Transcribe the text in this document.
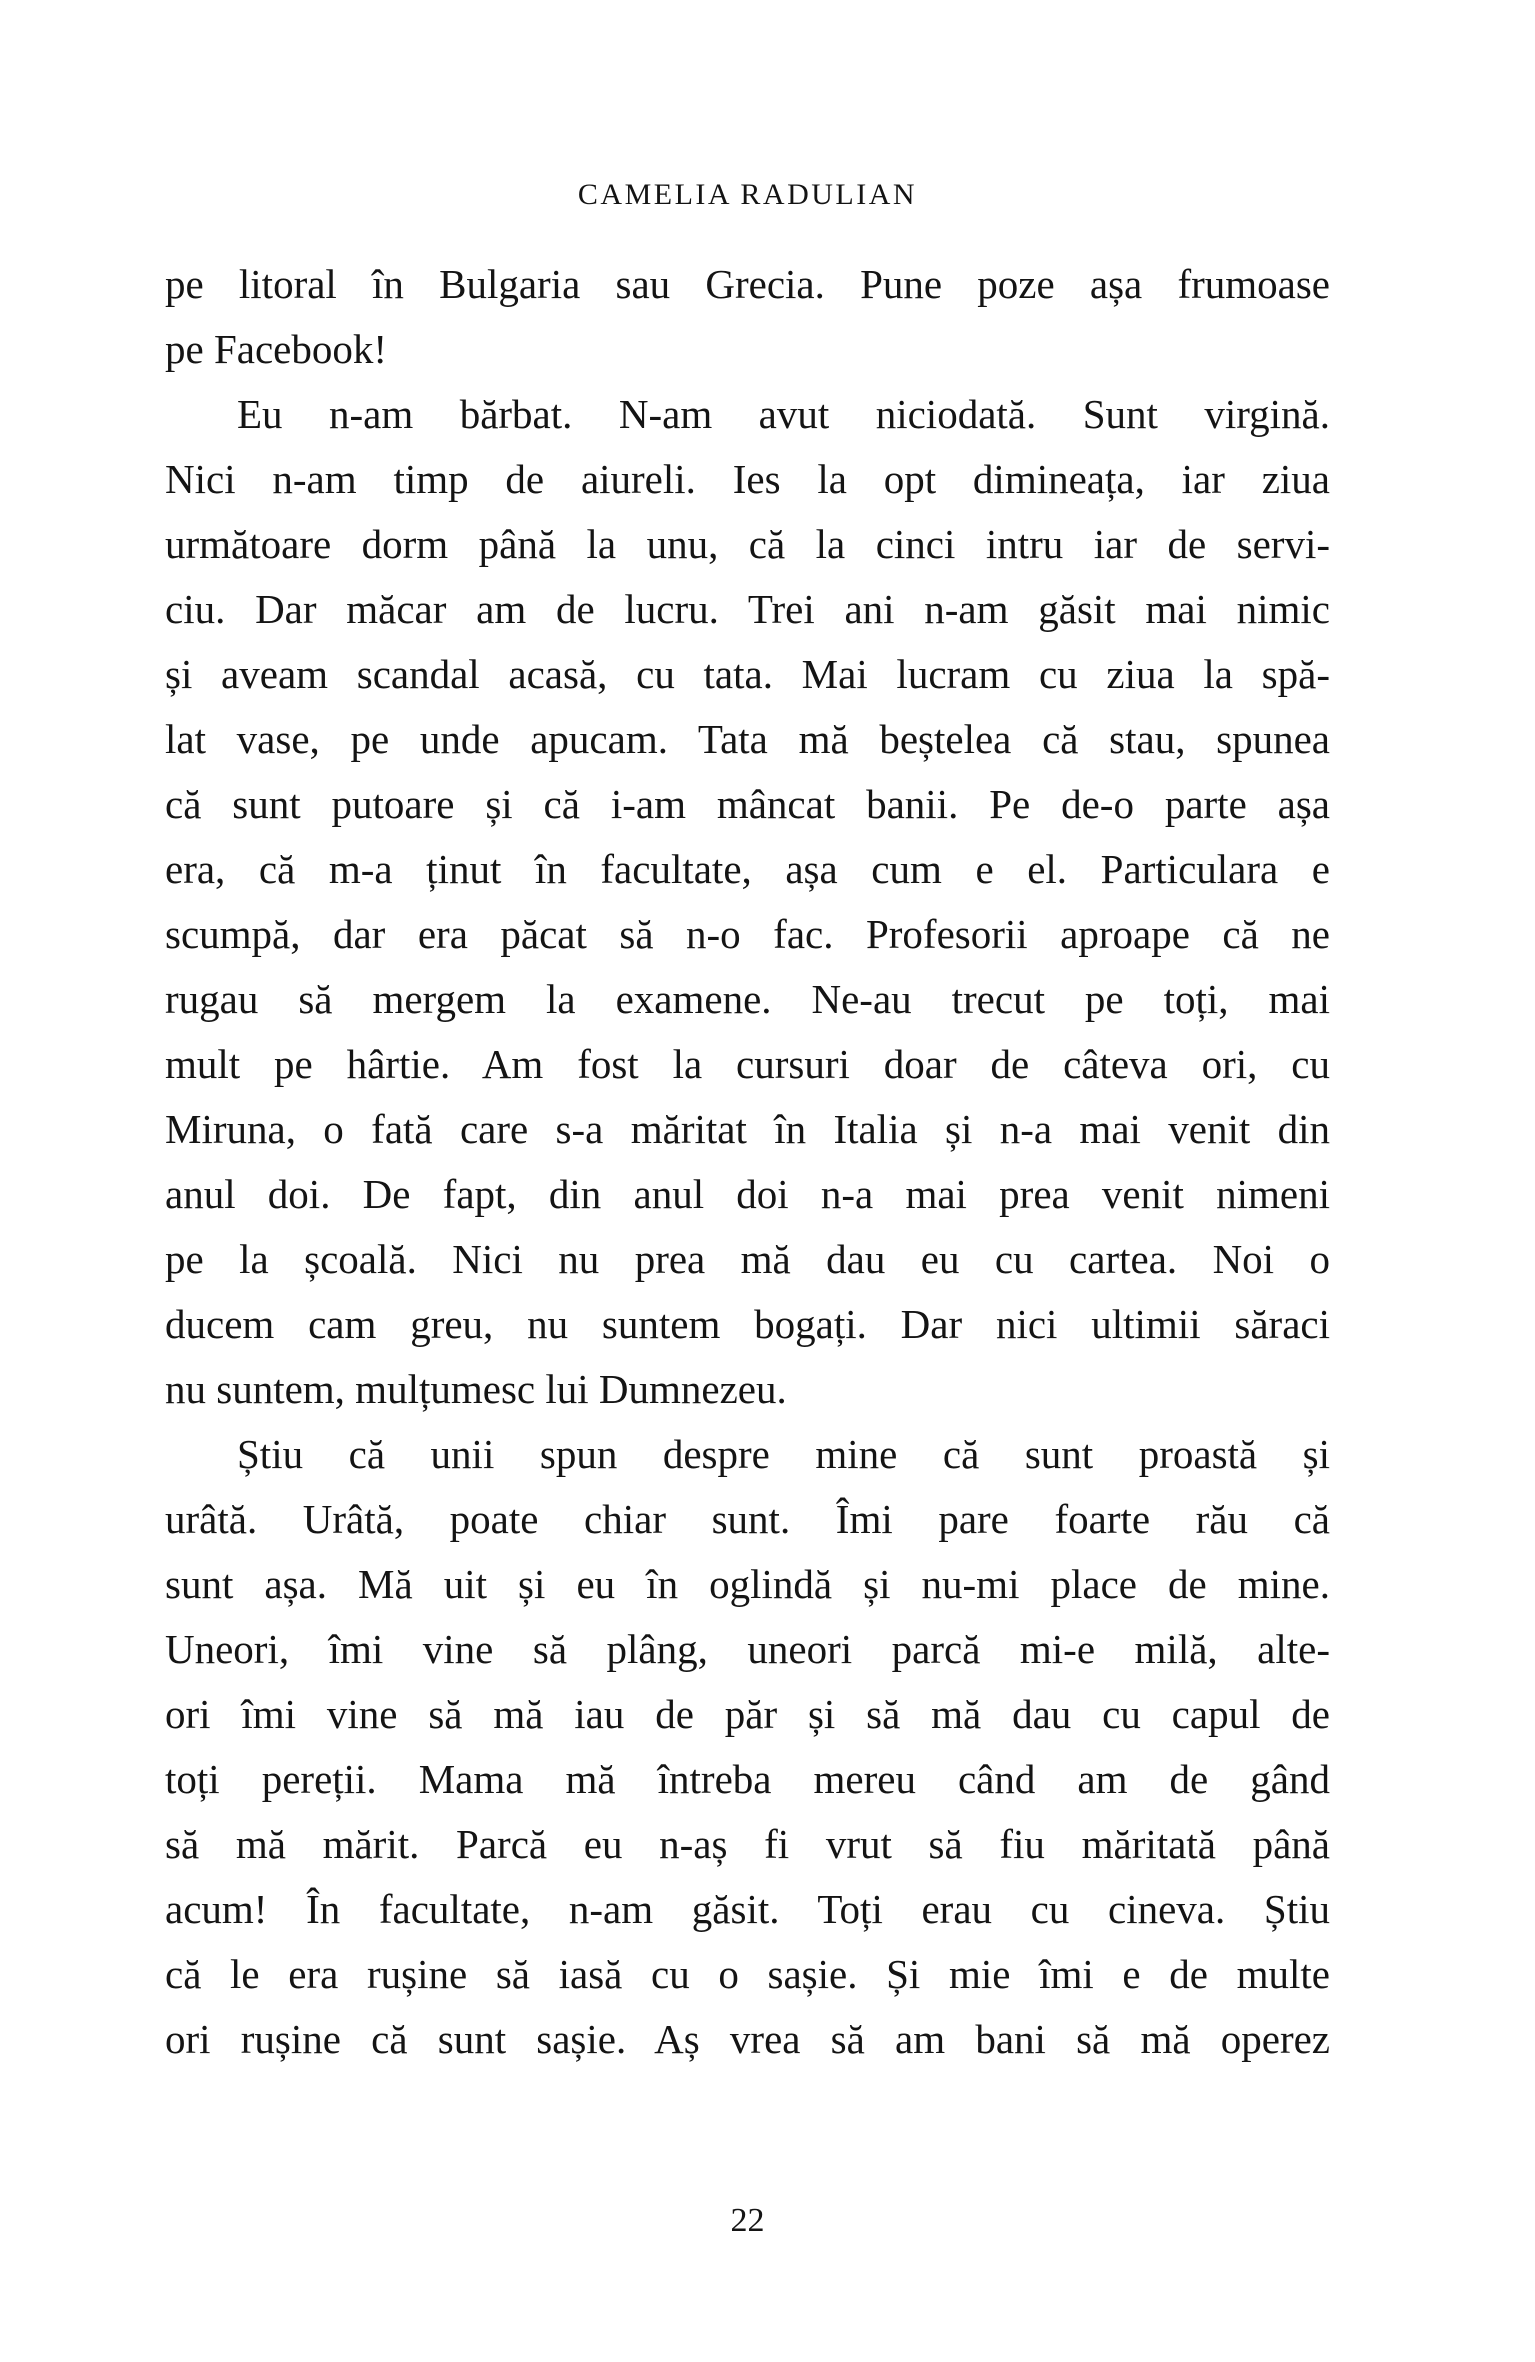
CAMELIA RADULIAN
pe litoral în Bulgaria sau Grecia. Pune poze așa frumoase
pe Facebook!
Eu n-am bărbat. N-am avut niciodată. Sunt virgină.
Nici n-am timp de aiureli. Ies la opt dimineața, iar ziua
următoare dorm până la unu, că la cinci intru iar de servi-
ciu. Dar măcar am de lucru. Trei ani n-am găsit mai nimic
și aveam scandal acasă, cu tata. Mai lucram cu ziua la spă-
lat vase, pe unde apucam. Tata mă beștelea că stau, spunea
că sunt putoare și că i-am mâncat banii. Pe de-o parte așa
era, că m-a ținut în facultate, așa cum e el. Particulara e
scumpă, dar era păcat să n-o fac. Profesorii aproape că ne
rugau să mergem la examene. Ne-au trecut pe toți, mai
mult pe hârtie. Am fost la cursuri doar de câteva ori, cu
Miruna, o fată care s-a măritat în Italia și n-a mai venit din
anul doi. De fapt, din anul doi n-a mai prea venit nimeni
pe la școală. Nici nu prea mă dau eu cu cartea. Noi o
ducem cam greu, nu suntem bogați. Dar nici ultimii săraci
nu suntem, mulțumesc lui Dumnezeu.
Știu că unii spun despre mine că sunt proastă și
urâtă. Urâtă, poate chiar sunt. Îmi pare foarte rău că
sunt așa. Mă uit și eu în oglindă și nu-mi place de mine.
Uneori, îmi vine să plâng, uneori parcă mi-e milă, alte-
ori îmi vine să mă iau de păr și să mă dau cu capul de
toți pereții. Mama mă întreba mereu când am de gând
să mă mărit. Parcă eu n-aș fi vrut să fiu măritată până
acum! În facultate, n-am găsit. Toți erau cu cineva. Știu
că le era rușine să iasă cu o sașie. Și mie îmi e de multe
ori rușine că sunt sașie. Aș vrea să am bani să mă operez
22
